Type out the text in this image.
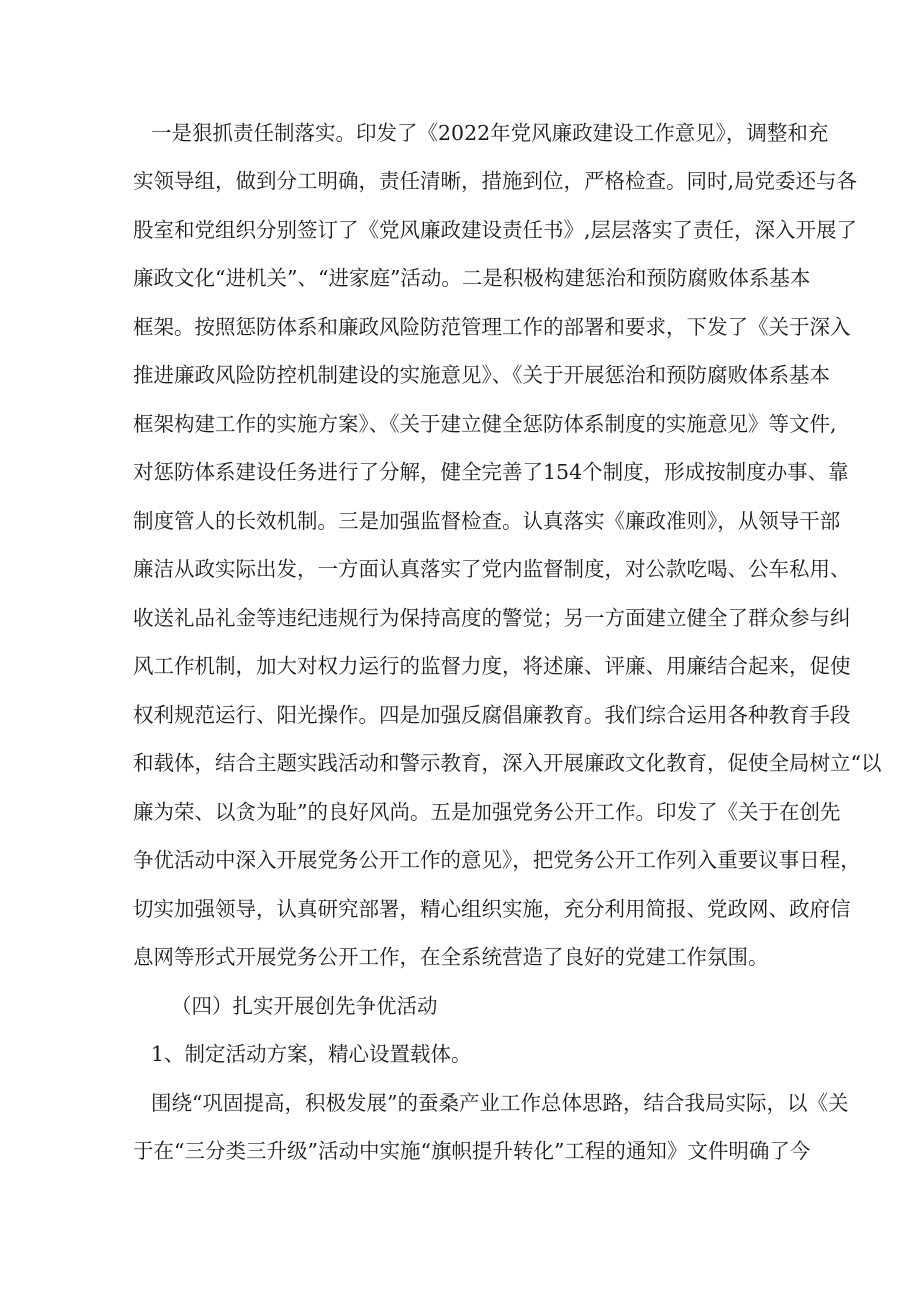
一是狠抓责任制落实。印发了《2022年党风廉政建设工作意见》，调整和充
实领导组，做到分工明确，责任清晰，措施到位，严格检查。同时,局党委还与各
股室和党组织分别签订了《党风廉政建设责任书》,层层落实了责任，深入开展了
廉政文化“进机关”、“进家庭”活动。二是积极构建惩治和预防腐败体系基本
框架。按照惩防体系和廉政风险防范管理工作的部署和要求，下发了《关于深入
推进廉政风险防控机制建设的实施意见》、《关于开展惩治和预防腐败体系基本
框架构建工作的实施方案》、《关于建立健全惩防体系制度的实施意见》等文件,
对惩防体系建设任务进行了分解，健全完善了154个制度，形成按制度办事、靠
制度管人的长效机制。三是加强监督检查。认真落实《廉政准则》，从领导干部
廉洁从政实际出发，一方面认真落实了党内监督制度，对公款吃喝、公车私用、
收送礼品礼金等违纪违规行为保持高度的警觉；另一方面建立健全了群众参与纠
风工作机制，加大对权力运行的监督力度，将述廉、评廉、用廉结合起来，促使
权利规范运行、阳光操作。四是加强反腐倡廉教育。我们综合运用各种教育手段
和载体，结合主题实践活动和警示教育，深入开展廉政文化教育，促使全局树立“以
廉为荣、以贪为耻”的良好风尚。五是加强党务公开工作。印发了《关于在创先
争优活动中深入开展党务公开工作的意见》，把党务公开工作列入重要议事日程，
切实加强领导，认真研究部署，精心组织实施，充分利用简报、党政网、政府信
息网等形式开展党务公开工作，在全系统营造了良好的党建工作氛围。
（四）扎实开展创先争优活动
1、制定活动方案，精心设置载体。
围绕“巩固提高，积极发展”的蚕桑产业工作总体思路，结合我局实际，以《关
于在“三分类三升级”活动中实施“旗帜提升转化”工程的通知》文件明确了今
